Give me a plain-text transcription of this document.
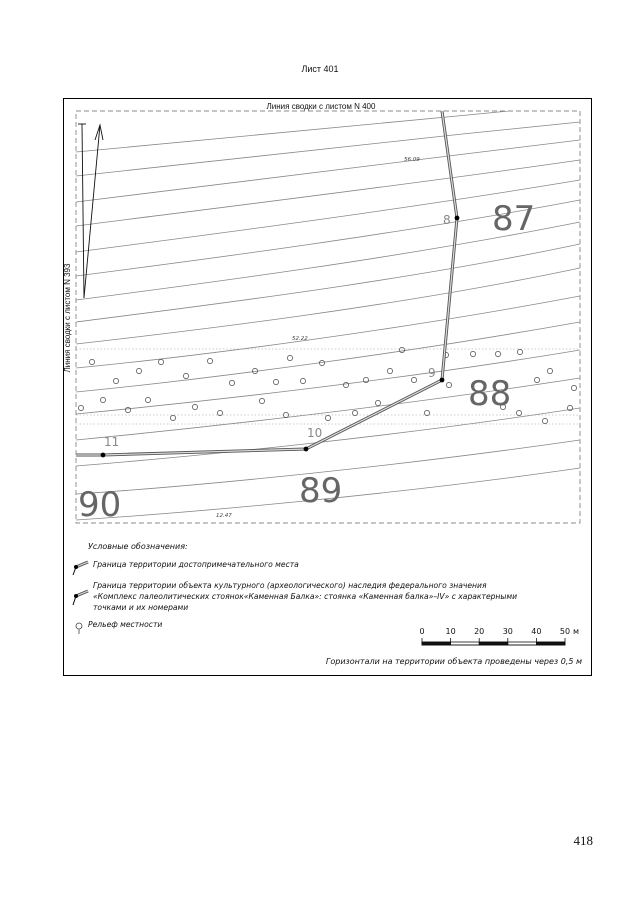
Лист 401
Линия сводки с листом N 400
Линия сводки с листом N 393
56.09
52.22
12.47
8
9
10
11
87
88
89
90
Условные обозначения:
Граница территории достопримечательного места
Граница территории объекта культурного (археологического) наследия федерального значения
«Комплекс палеолитических стоянок«Каменная Балка»: стоянка «Каменная балка»–IV» с характерными
точками и их номерами
Рельеф местности
0	10	20	30	40	50 м
Горизонтали на территории объекта проведены через 0,5 м
418
